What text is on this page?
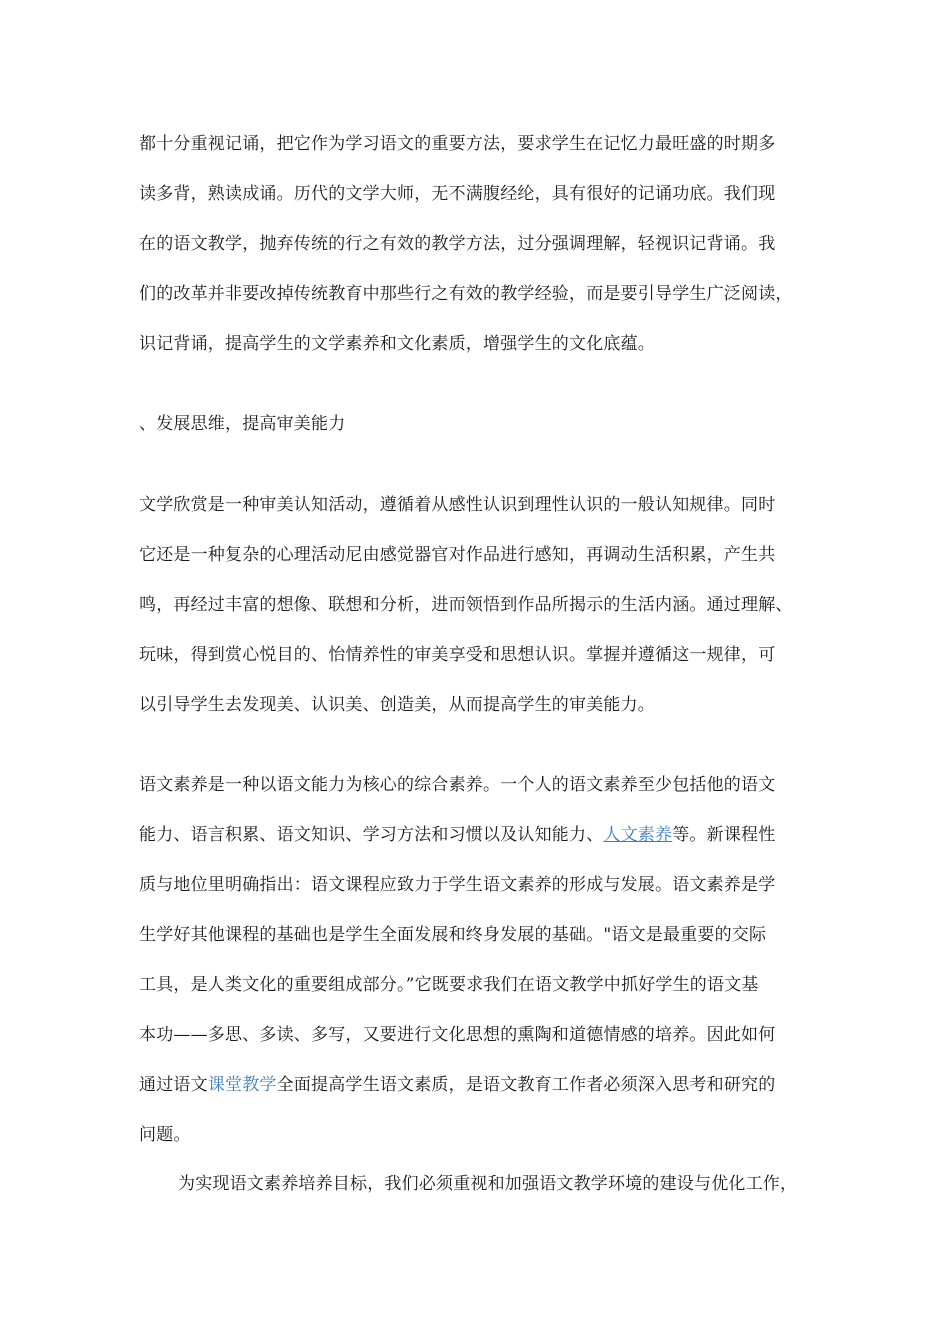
都十分重视记诵，把它作为学习语文的重要方法，要求学生在记忆力最旺盛的时期多
读多背，熟读成诵。历代的文学大师，无不满腹经纶，具有很好的记诵功底。我们现
在的语文教学，抛弃传统的行之有效的教学方法，过分强调理解，轻视识记背诵。我
们的改革并非要改掉传统教育中那些行之有效的教学经验，而是要引导学生广泛阅读，
识记背诵，提高学生的文学素养和文化素质，增强学生的文化底蕴。
、发展思维，提高审美能力
文学欣赏是一种审美认知活动，遵循着从感性认识到理性认识的一般认知规律。同时
它还是一种复杂的心理活动尼由感觉器官对作品进行感知，再调动生活积累，产生共
鸣，再经过丰富的想像、联想和分析，进而领悟到作品所揭示的生活内涵。通过理解、
玩味，得到赏心悦目的、怡情养性的审美享受和思想认识。掌握并遵循这一规律，可
以引导学生去发现美、认识美、创造美，从而提高学生的审美能力。
语文素养是一种以语文能力为核心的综合素养。一个人的语文素养至少包括他的语文
能力、语言积累、语文知识、学习方法和习惯以及认知能力、人文素养等。新课程性
质与地位里明确指出：语文课程应致力于学生语文素养的形成与发展。语文素养是学
生学好其他课程的基础也是学生全面发展和终身发展的基础。"语文是最重要的交际
工具，是人类文化的重要组成部分。”它既要求我们在语文教学中抓好学生的语文基
本功——多思、多读、多写，又要进行文化思想的熏陶和道德情感的培养。因此如何
通过语文课堂教学全面提高学生语文素质，是语文教育工作者必须深入思考和研究的
问题。
为实现语文素养培养目标，我们必须重视和加强语文教学环境的建设与优化工作，
